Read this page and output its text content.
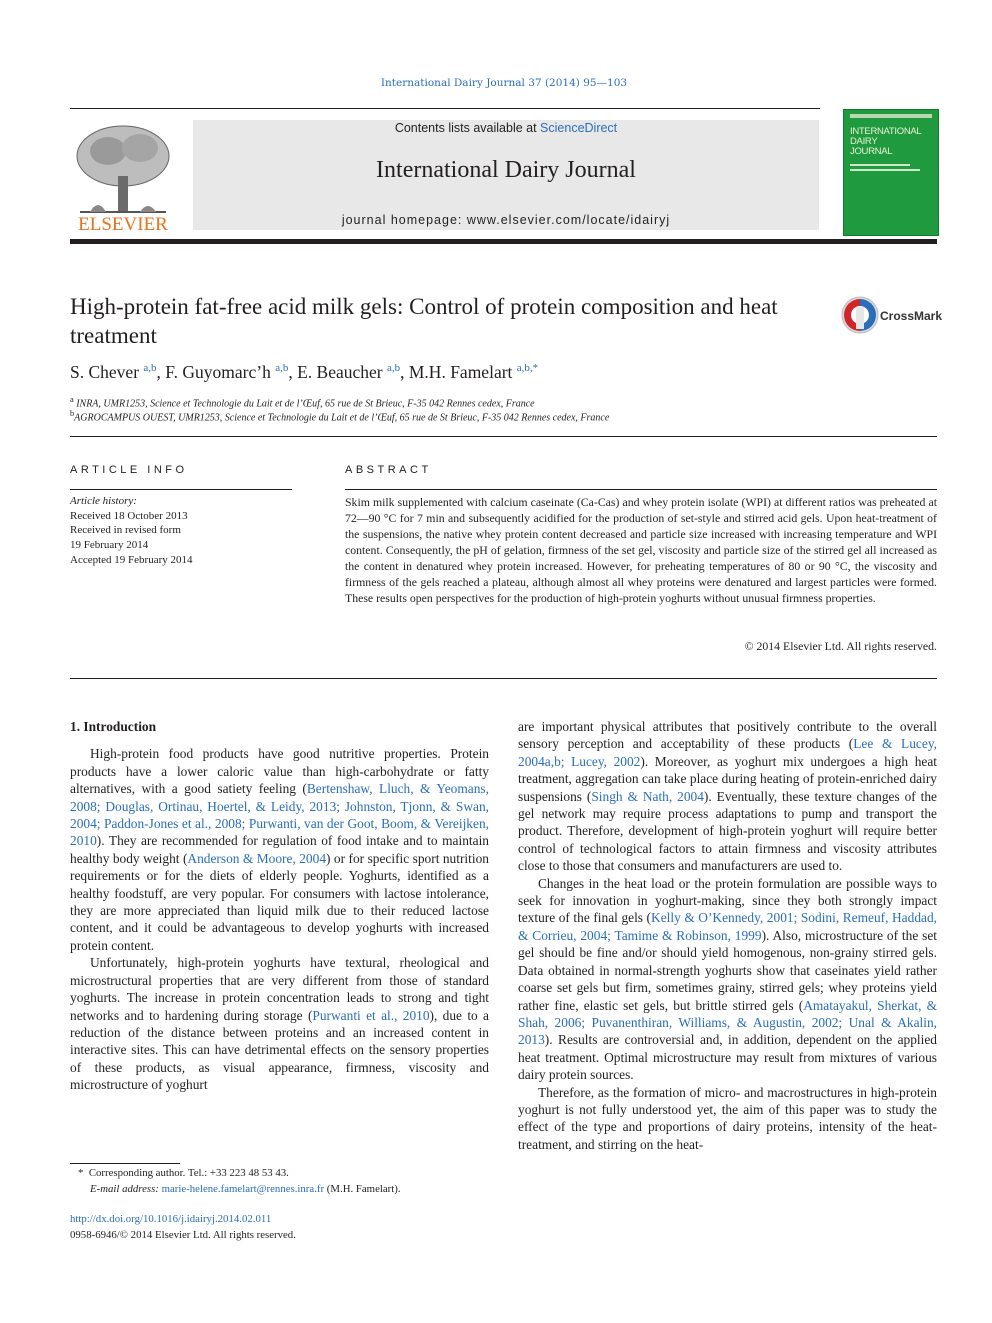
International Dairy Journal 37 (2014) 95—103
ELSEVIER
Contents lists available at ScienceDirect
International Dairy Journal
journal homepage: www.elsevier.com/locate/idairyj
INTERNATIONAL
DAIRY
JOURNAL
High-protein fat-free acid milk gels: Control of protein composition and heat treatment
CrossMark
S. Chever $^{a,b}$, F. Guyomarc’h $^{a,b}$, E. Beaucher $^{a,b}$, M.H. Famelart $^{a,b,*}$
$^a$ INRA, UMR1253, Science et Technologie du Lait et de l’Œuf, 65 rue de St Brieuc, F-35 042 Rennes cedex, France
$^b$AGROCAMPUS OUEST, UMR1253, Science et Technologie du Lait et de l’Œuf, 65 rue de St Brieuc, F-35 042 Rennes cedex, France
ARTICLE INFO
Article history:
Received 18 October 2013
Received in revised form
19 February 2014
Accepted 19 February 2014
ABSTRACT
Skim milk supplemented with calcium caseinate (Ca-Cas) and whey protein isolate (WPI) at different ratios was preheated at 72—90 °C for 7 min and subsequently acidified for the production of set-style and stirred acid gels. Upon heat-treatment of the suspensions, the native whey protein content decreased and particle size increased with increasing temperature and WPI content. Consequently, the pH of gelation, firmness of the set gel, viscosity and particle size of the stirred gel all increased as the content in denatured whey protein increased. However, for preheating temperatures of 80 or 90 °C, the viscosity and firmness of the gels reached a plateau, although almost all whey proteins were denatured and largest particles were formed. These results open perspectives for the production of high-protein yoghurts without unusual firmness properties.
© 2014 Elsevier Ltd. All rights reserved.

1. Introduction

High-protein food products have good nutritive properties. Protein products have a lower caloric value than high-carbohydrate or fatty alternatives, with a good satiety feeling (Bertenshaw, Lluch, & Yeomans, 2008; Douglas, Ortinau, Hoertel, & Leidy, 2013; Johnston, Tjonn, & Swan, 2004; Paddon-Jones et al., 2008; Purwanti, van der Goot, Boom, & Vereijken, 2010). They are recommended for regulation of food intake and to maintain healthy body weight (Anderson & Moore, 2004) or for specific sport nutrition requirements or for the diets of elderly people. Yoghurts, identified as a healthy foodstuff, are very popular. For consumers with lactose intolerance, they are more appreciated than liquid milk due to their reduced lactose content, and it could be advantageous to develop yoghurts with increased protein content.

Unfortunately, high-protein yoghurts have textural, rheological and microstructural properties that are very different from those of standard yoghurts. The increase in protein concentration leads to strong and tight networks and to hardening during storage (Purwanti et al., 2010), due to a reduction of the distance between proteins and an increased content in interactive sites. This can have detrimental effects on the sensory properties of these products, as visual appearance, firmness, viscosity and microstructure of yoghurt

are important physical attributes that positively contribute to the overall sensory perception and acceptability of these products (Lee & Lucey, 2004a,b; Lucey, 2002). Moreover, as yoghurt mix undergoes a high heat treatment, aggregation can take place during heating of protein-enriched dairy suspensions (Singh & Nath, 2004). Eventually, these texture changes of the gel network may require process adaptations to pump and transport the product. Therefore, development of high-protein yoghurt will require better control of technological factors to attain firmness and viscosity attributes close to those that consumers and manufacturers are used to.

Changes in the heat load or the protein formulation are possible ways to seek for innovation in yoghurt-making, since they both strongly impact texture of the final gels (Kelly & O’Kennedy, 2001; Sodini, Remeuf, Haddad, & Corrieu, 2004; Tamime & Robinson, 1999). Also, microstructure of the set gel should be fine and/or should yield homogenous, non-grainy stirred gels. Data obtained in normal-strength yoghurts show that caseinates yield rather coarse set gels but firm, sometimes grainy, stirred gels; whey proteins yield rather fine, elastic set gels, but brittle stirred gels (Amatayakul, Sherkat, & Shah, 2006; Puvanenthiran, Williams, & Augustin, 2002; Unal & Akalin, 2013). Results are controversial and, in addition, dependent on the applied heat treatment. Optimal microstructure may result from mixtures of various dairy protein sources.

Therefore, as the formation of micro- and macrostructures in high-protein yoghurt is not fully understood yet, the aim of this paper was to study the effect of the type and proportions of dairy proteins, intensity of the heat-treatment, and stirring on the heat-

* Corresponding author. Tel.: +33 223 48 53 43.
E-mail address: marie-helene.famelart@rennes.inra.fr (M.H. Famelart).
http://dx.doi.org/10.1016/j.idairyj.2014.02.011
0958-6946/© 2014 Elsevier Ltd. All rights reserved.
